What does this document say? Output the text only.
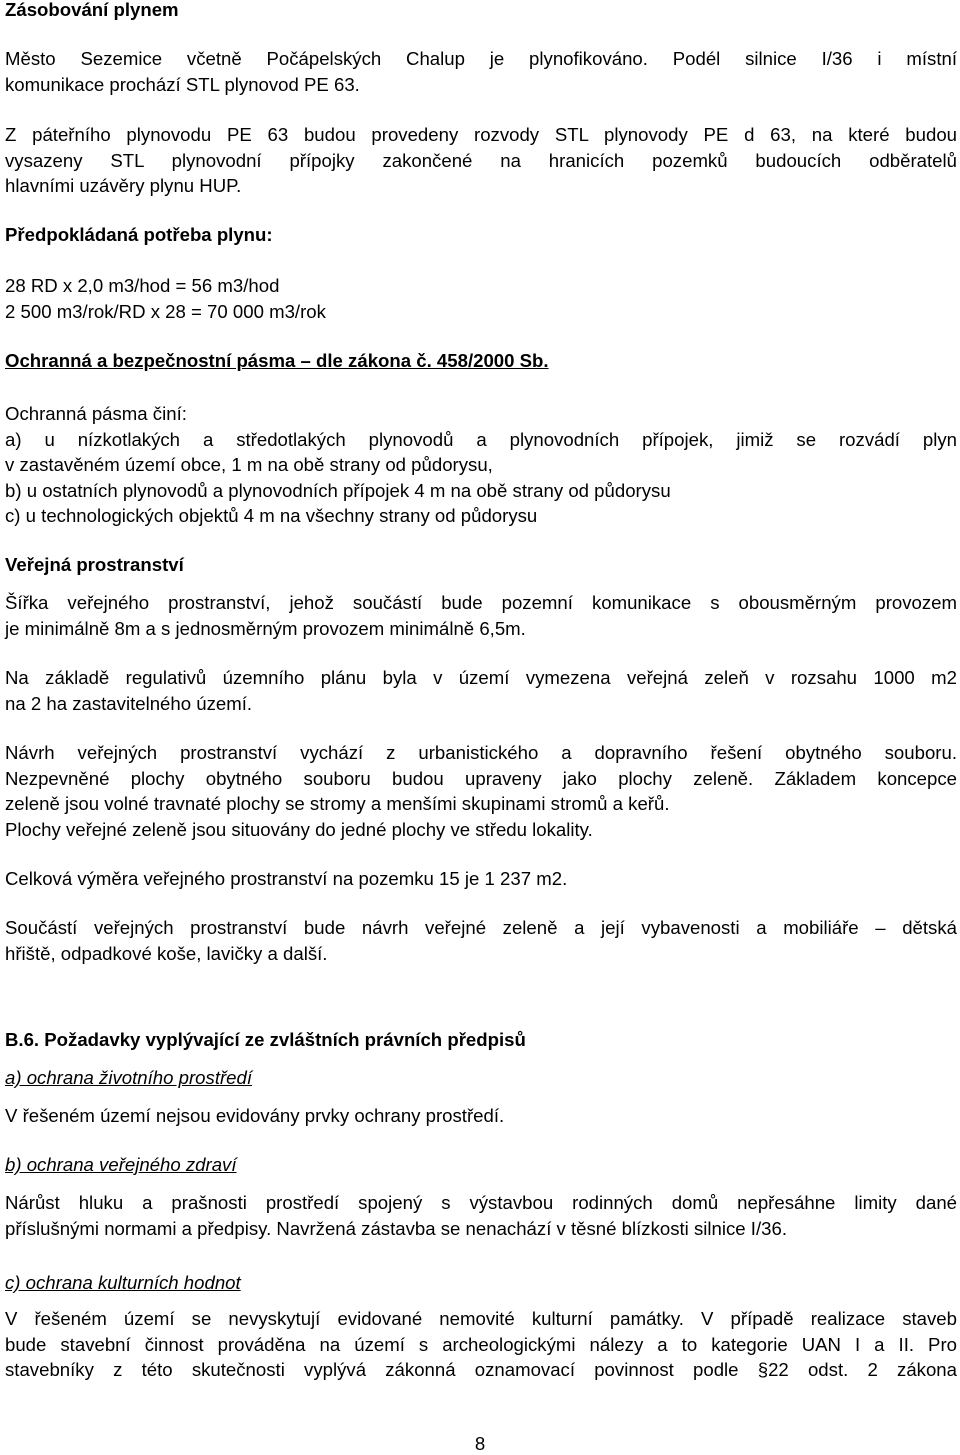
Zásobování plynem

Město Sezemice včetně Počápelských Chalup je plynofikováno. Podél silnice I/36 i místní
komunikace prochází STL plynovod PE 63.

Z páteřního plynovodu PE 63 budou provedeny rozvody STL plynovody PE d 63, na které budou
vysazeny STL plynovodní přípojky zakončené na hranicích pozemků budoucích odběratelů
hlavními uzávěry plynu HUP.

Předpokládaná potřeba plynu:

28 RD x 2,0 m3/hod = 56 m3/hod
2 500 m3/rok/RD x 28 = 70 000 m3/rok

Ochranná a bezpečnostní pásma – dle zákona č. 458/2000 Sb.

Ochranná pásma činí:
a) u nízkotlakých a středotlakých plynovodů a plynovodních přípojek, jimiž se rozvádí plyn
v zastavěném území obce, 1 m na obě strany od půdorysu,
b) u ostatních plynovodů a plynovodních přípojek 4 m na obě strany od půdorysu
c) u technologických objektů 4 m na všechny strany od půdorysu

Veřejná prostranství

Šířka veřejného prostranství, jehož součástí bude pozemní komunikace s obousměrným provozem
je minimálně 8m a s jednosměrným provozem minimálně 6,5m.

Na základě regulativů územního plánu byla v území vymezena veřejná zeleň v rozsahu 1000 m2
na 2 ha zastavitelného území.

Návrh veřejných prostranství vychází z urbanistického a dopravního řešení obytného souboru.
Nezpevněné plochy obytného souboru budou upraveny jako plochy zeleně. Základem koncepce
zeleně jsou volné travnaté plochy se stromy a menšími skupinami stromů a keřů.
Plochy veřejné zeleně jsou situovány do jedné plochy ve středu lokality.

Celková výměra veřejného prostranství na pozemku 15 je 1 237 m2.

Součástí veřejných prostranství bude návrh veřejné zeleně a její vybavenosti a mobiliáře – dětská
hřiště, odpadkové koše, lavičky a další.

B.6. Požadavky vyplývající ze zvláštních právních předpisů

a) ochrana životního prostředí

V řešeném území nejsou evidovány prvky ochrany prostředí.

b) ochrana veřejného zdraví

Nárůst hluku a prašnosti prostředí spojený s výstavbou rodinných domů nepřesáhne limity dané
příslušnými normami a předpisy. Navržená zástavba se nenachází v těsné blízkosti silnice I/36.

c) ochrana kulturních hodnot

V řešeném území se nevyskytují evidované nemovité kulturní památky. V případě realizace staveb
bude stavební činnost prováděna na území s archeologickými nálezy a to kategorie UAN I a II. Pro
stavebníky z této skutečnosti vyplývá zákonná oznamovací povinnost podle §22 odst. 2 zákona

8
